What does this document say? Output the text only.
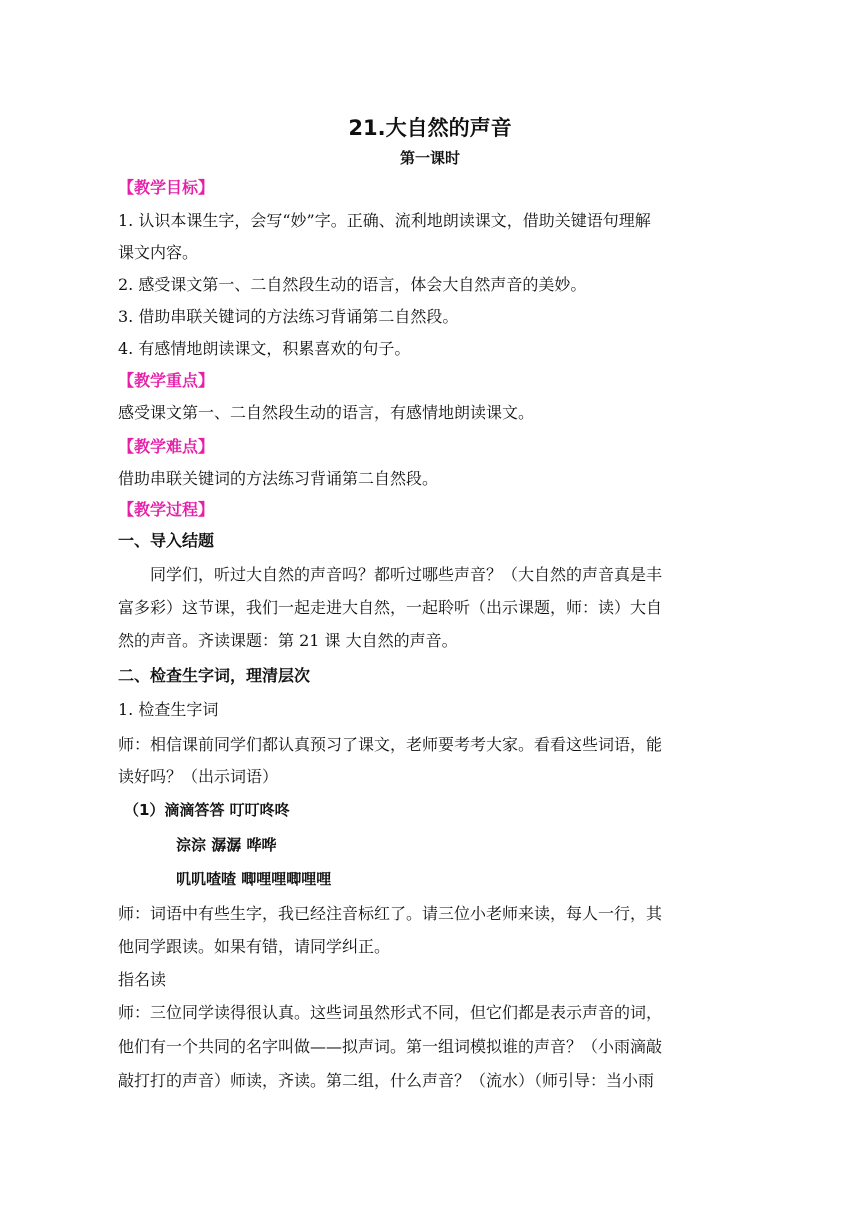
21.大自然的声音
第一课时
【教学目标】
1. 认识本课生字，会写“妙”字。正确、流利地朗读课文，借助关键语句理解
课文内容。
2. 感受课文第一、二自然段生动的语言，体会大自然声音的美妙。
3. 借助串联关键词的方法练习背诵第二自然段。
4. 有感情地朗读课文，积累喜欢的句子。
【教学重点】
感受课文第一、二自然段生动的语言，有感情地朗读课文。
【教学难点】
借助串联关键词的方法练习背诵第二自然段。
【教学过程】
一、导入结题
同学们，听过大自然的声音吗？都听过哪些声音？（大自然的声音真是丰
富多彩）这节课，我们一起走进大自然，一起聆听（出示课题，师：读）大自
然的声音。齐读课题：第 21 课 大自然的声音。
二、检查生字词，理清层次
1. 检查生字词
师：相信课前同学们都认真预习了课文，老师要考考大家。看看这些词语，能
读好吗？（出示词语）
（1）滴滴答答 叮叮咚咚
淙淙 潺潺 哗哗
叽叽喳喳 唧哩哩唧哩哩
师：词语中有些生字，我已经注音标红了。请三位小老师来读，每人一行，其
他同学跟读。如果有错，请同学纠正。
指名读
师：三位同学读得很认真。这些词虽然形式不同，但它们都是表示声音的词，
他们有一个共同的名字叫做——拟声词。第一组词模拟谁的声音？（小雨滴敲
敲打打的声音）师读，齐读。第二组，什么声音？（流水）（师引导：当小雨
